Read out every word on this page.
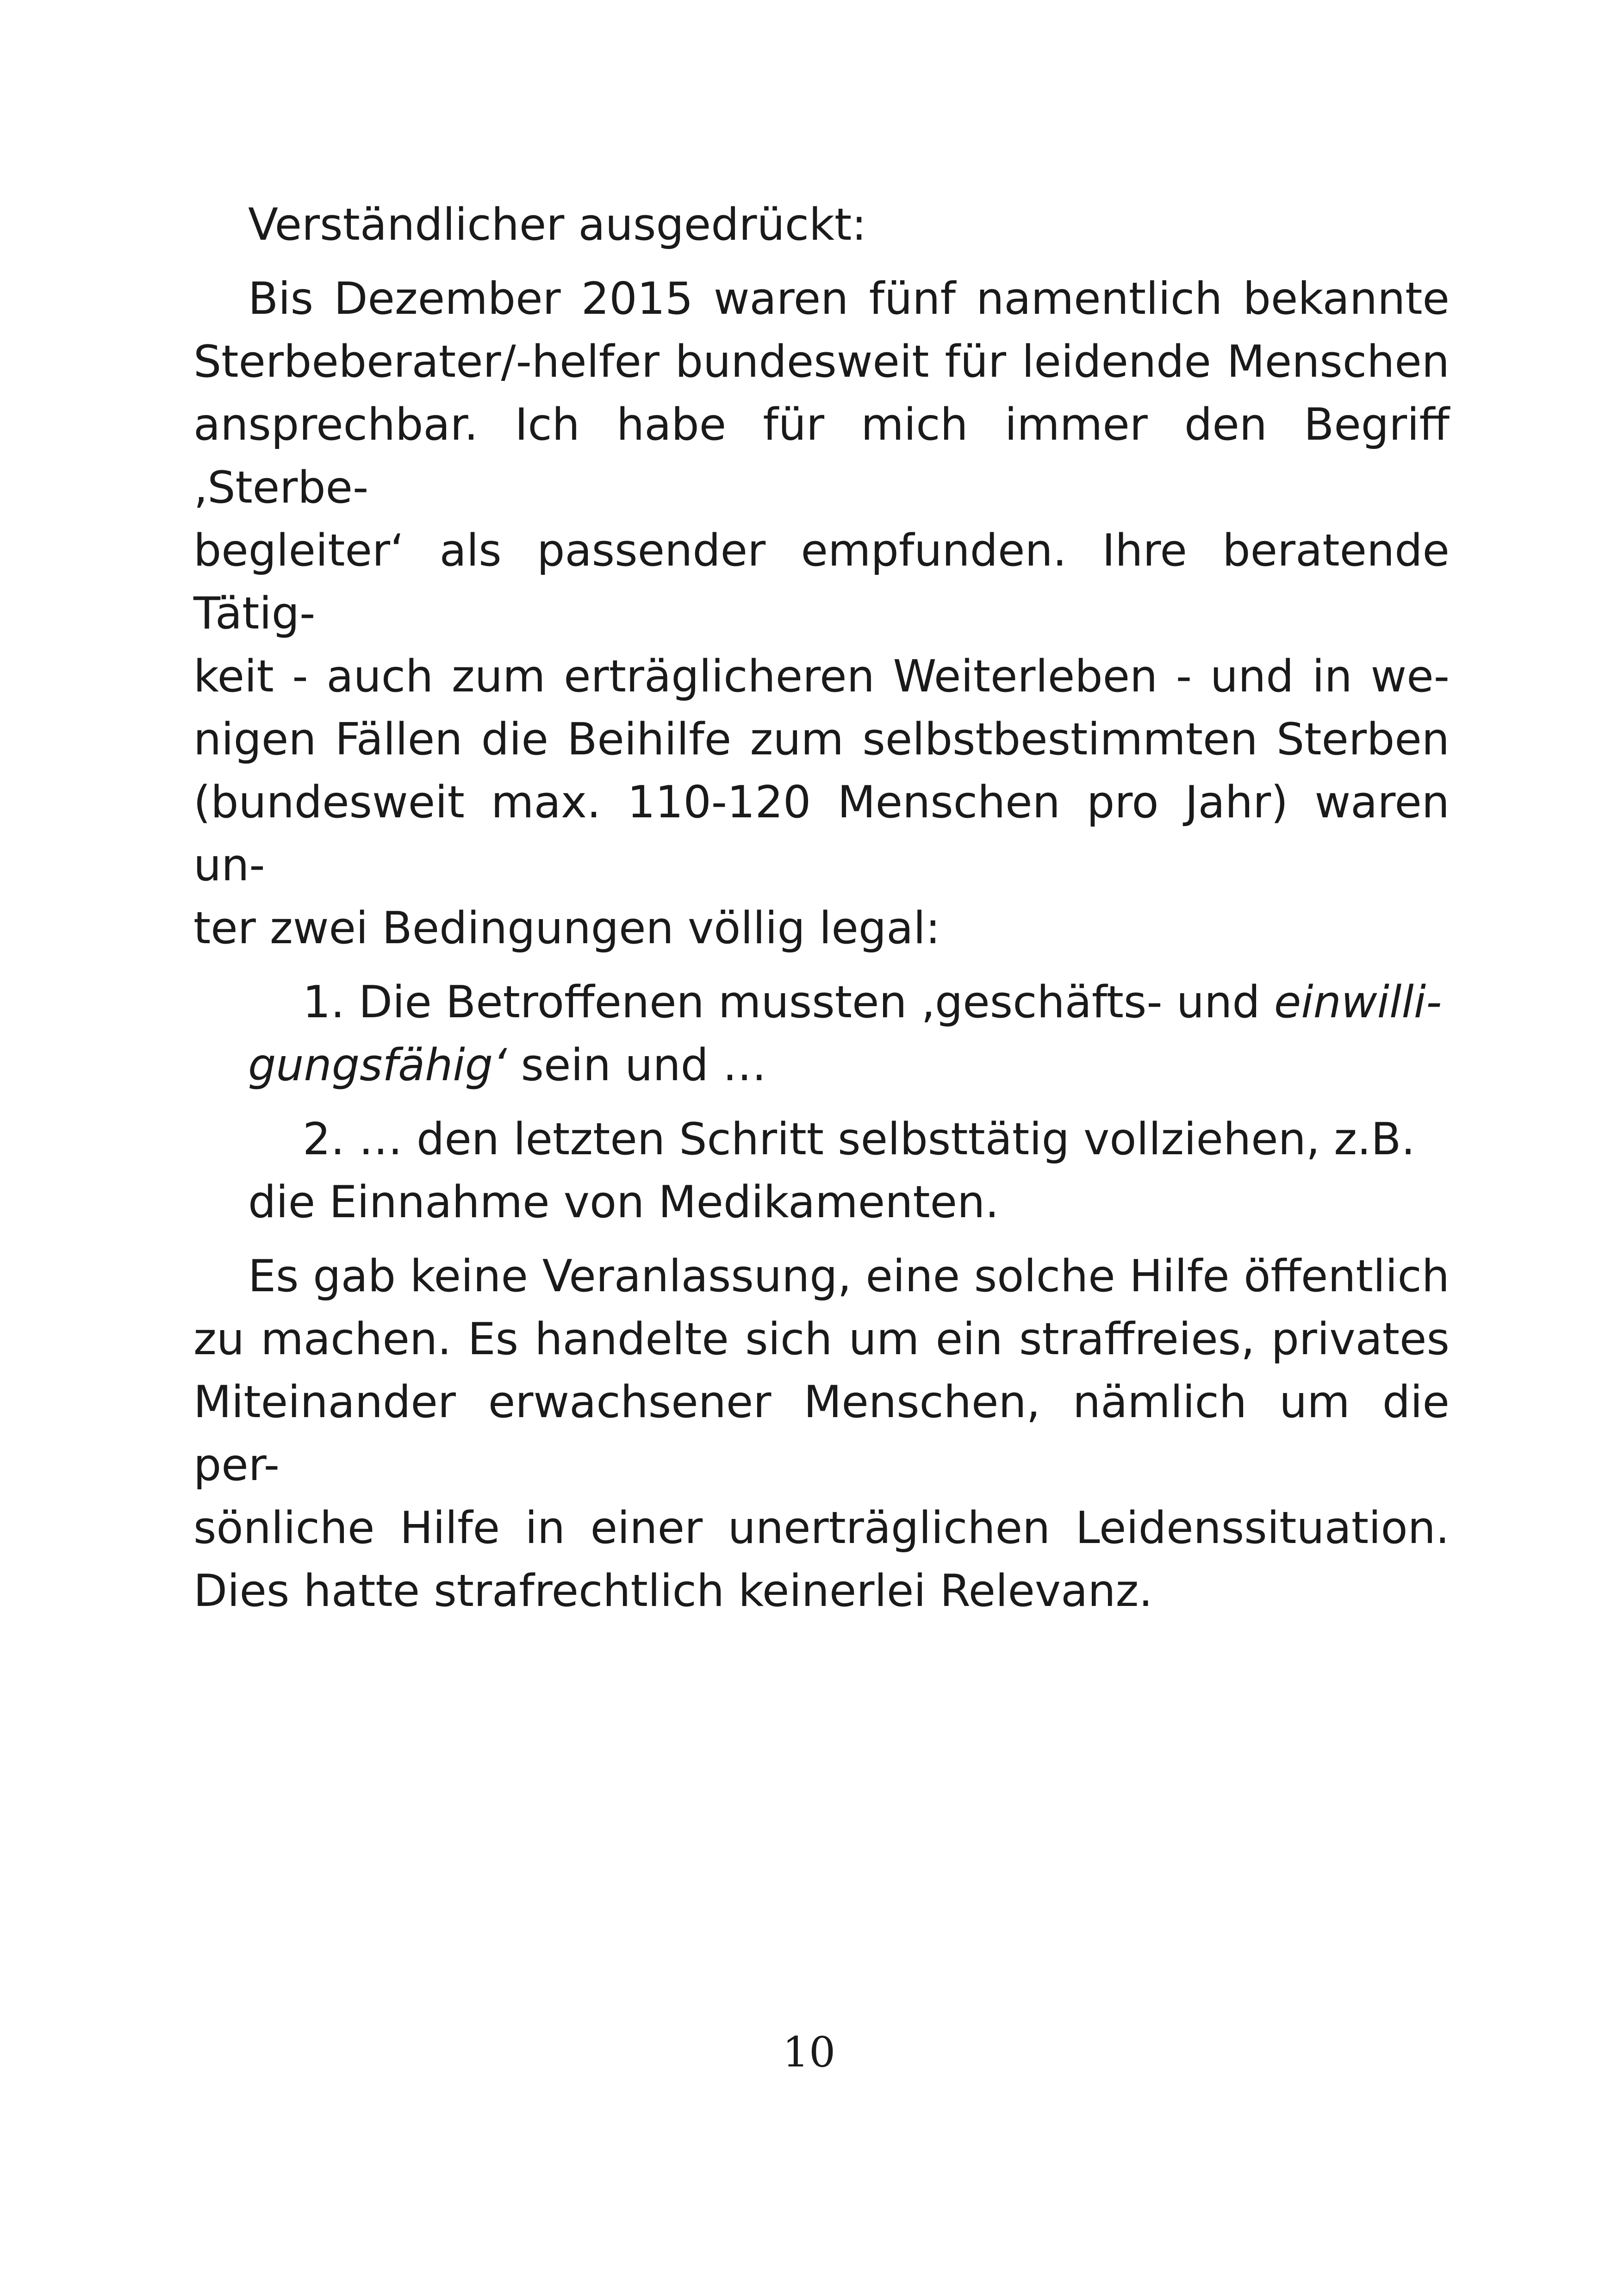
Verständlicher ausgedrückt:
Bis Dezember 2015 waren fünf namentlich bekannte
Sterbeberater/-helfer bundesweit für leidende Menschen
ansprechbar. Ich habe für mich immer den Begriff ‚Sterbe-
begleiter‘ als passender empfunden. Ihre beratende Tätig-
keit - auch zum erträglicheren Weiterleben - und in we-
nigen Fällen die Beihilfe zum selbstbestimmten Sterben
(bundesweit max. 110-120 Menschen pro Jahr) waren un-
ter zwei Bedingungen völlig legal:
1. Die Betroffenen mussten ‚geschäfts- und einwilli-
gungsfähig‘ sein und …
2. … den letzten Schritt selbsttätig vollziehen, z.B.
die Einnahme von Medikamenten.
Es gab keine Veranlassung, eine solche Hilfe öffentlich
zu machen. Es handelte sich um ein straffreies, privates
Miteinander erwachsener Menschen, nämlich um die per-
sönliche Hilfe in einer unerträglichen Leidenssituation.
Dies hatte strafrechtlich keinerlei Relevanz.
10
